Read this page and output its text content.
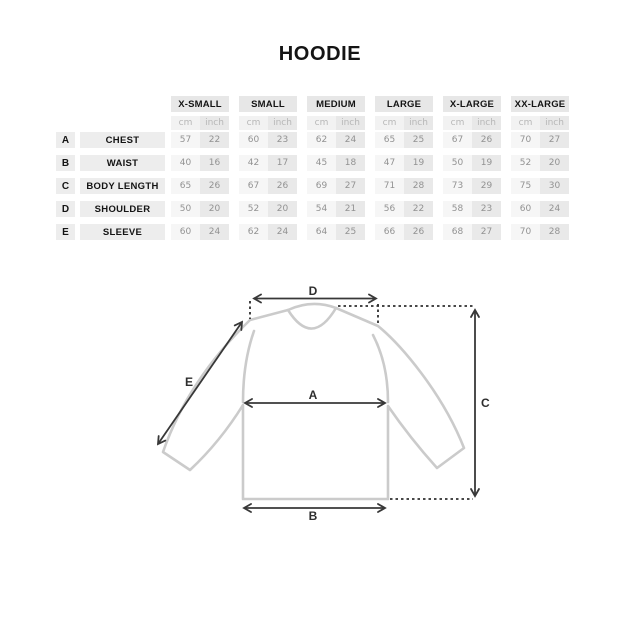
HOODIE
X-SMALL	SMALL	MEDIUM	LARGE	X-LARGE	XX-LARGE
cm	inch	cm	inch	cm	inch	cm	inch	cm	inch	cm	inch
A	CHEST	57	22	60	23	62	24	65	25	67	26	70	27
B	WAIST	40	16	42	17	45	18	47	19	50	19	52	20
C	BODY LENGTH	65	26	67	26	69	27	71	28	73	29	75	30
D	SHOULDER	50	20	52	20	54	21	56	22	58	23	60	24
E	SLEEVE	60	24	62	24	64	25	66	26	68	27	70	28
D
A
B
C
E
